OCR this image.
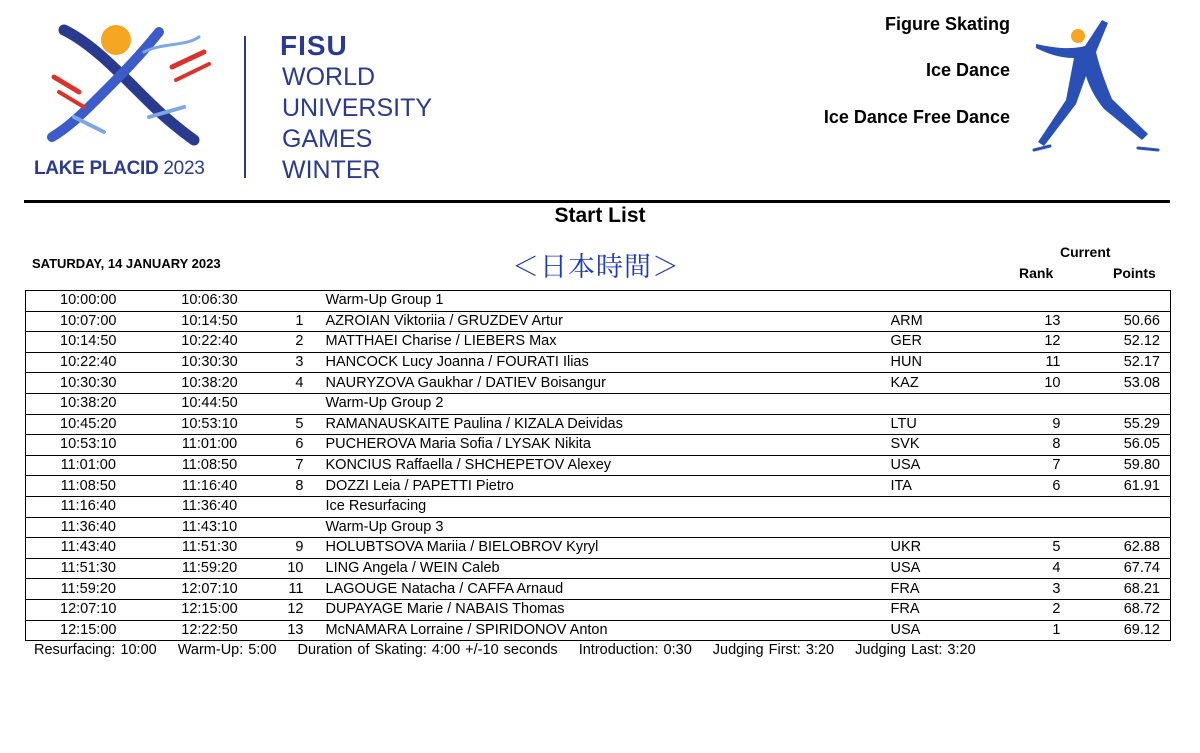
LAKE PLACID 2023
FISU
WORLD
UNIVERSITY
GAMES
WINTER
Figure Skating
Ice Dance
Ice Dance Free Dance
Start List
SATURDAY, 14 JANUARY 2023	＜日本時間＞	Current
Rank	Points
10:00:00	10:06:30		Warm-Up Group 1			
10:07:00	10:14:50	1	AZROIAN Viktoriia / GRUZDEV Artur	ARM	13	50.66
10:14:50	10:22:40	2	MATTHAEI Charise / LIEBERS Max	GER	12	52.12
10:22:40	10:30:30	3	HANCOCK Lucy Joanna / FOURATI Ilias	HUN	11	52.17
10:30:30	10:38:20	4	NAURYZOVA Gaukhar / DATIEV Boisangur	KAZ	10	53.08
10:38:20	10:44:50		Warm-Up Group 2			
10:45:20	10:53:10	5	RAMANAUSKAITE Paulina / KIZALA Deividas	LTU	9	55.29
10:53:10	11:01:00	6	PUCHEROVA Maria Sofia / LYSAK Nikita	SVK	8	56.05
11:01:00	11:08:50	7	KONCIUS Raffaella / SHCHEPETOV Alexey	USA	7	59.80
11:08:50	11:16:40	8	DOZZI Leia / PAPETTI Pietro	ITA	6	61.91
11:16:40	11:36:40		Ice Resurfacing			
11:36:40	11:43:10		Warm-Up Group 3			
11:43:40	11:51:30	9	HOLUBTSOVA Mariia / BIELOBROV Kyryl	UKR	5	62.88
11:51:30	11:59:20	10	LING Angela / WEIN Caleb	USA	4	67.74
11:59:20	12:07:10	11	LAGOUGE Natacha / CAFFA Arnaud	FRA	3	68.21
12:07:10	12:15:00	12	DUPAYAGE Marie / NABAIS Thomas	FRA	2	68.72
12:15:00	12:22:50	13	McNAMARA Lorraine / SPIRIDONOV Anton	USA	1	69.12
Resurfacing: 10:00 Warm-Up: 5:00 Duration of Skating: 4:00 +/-10 seconds Introduction: 0:30 Judging First: 3:20 Judging Last: 3:20
